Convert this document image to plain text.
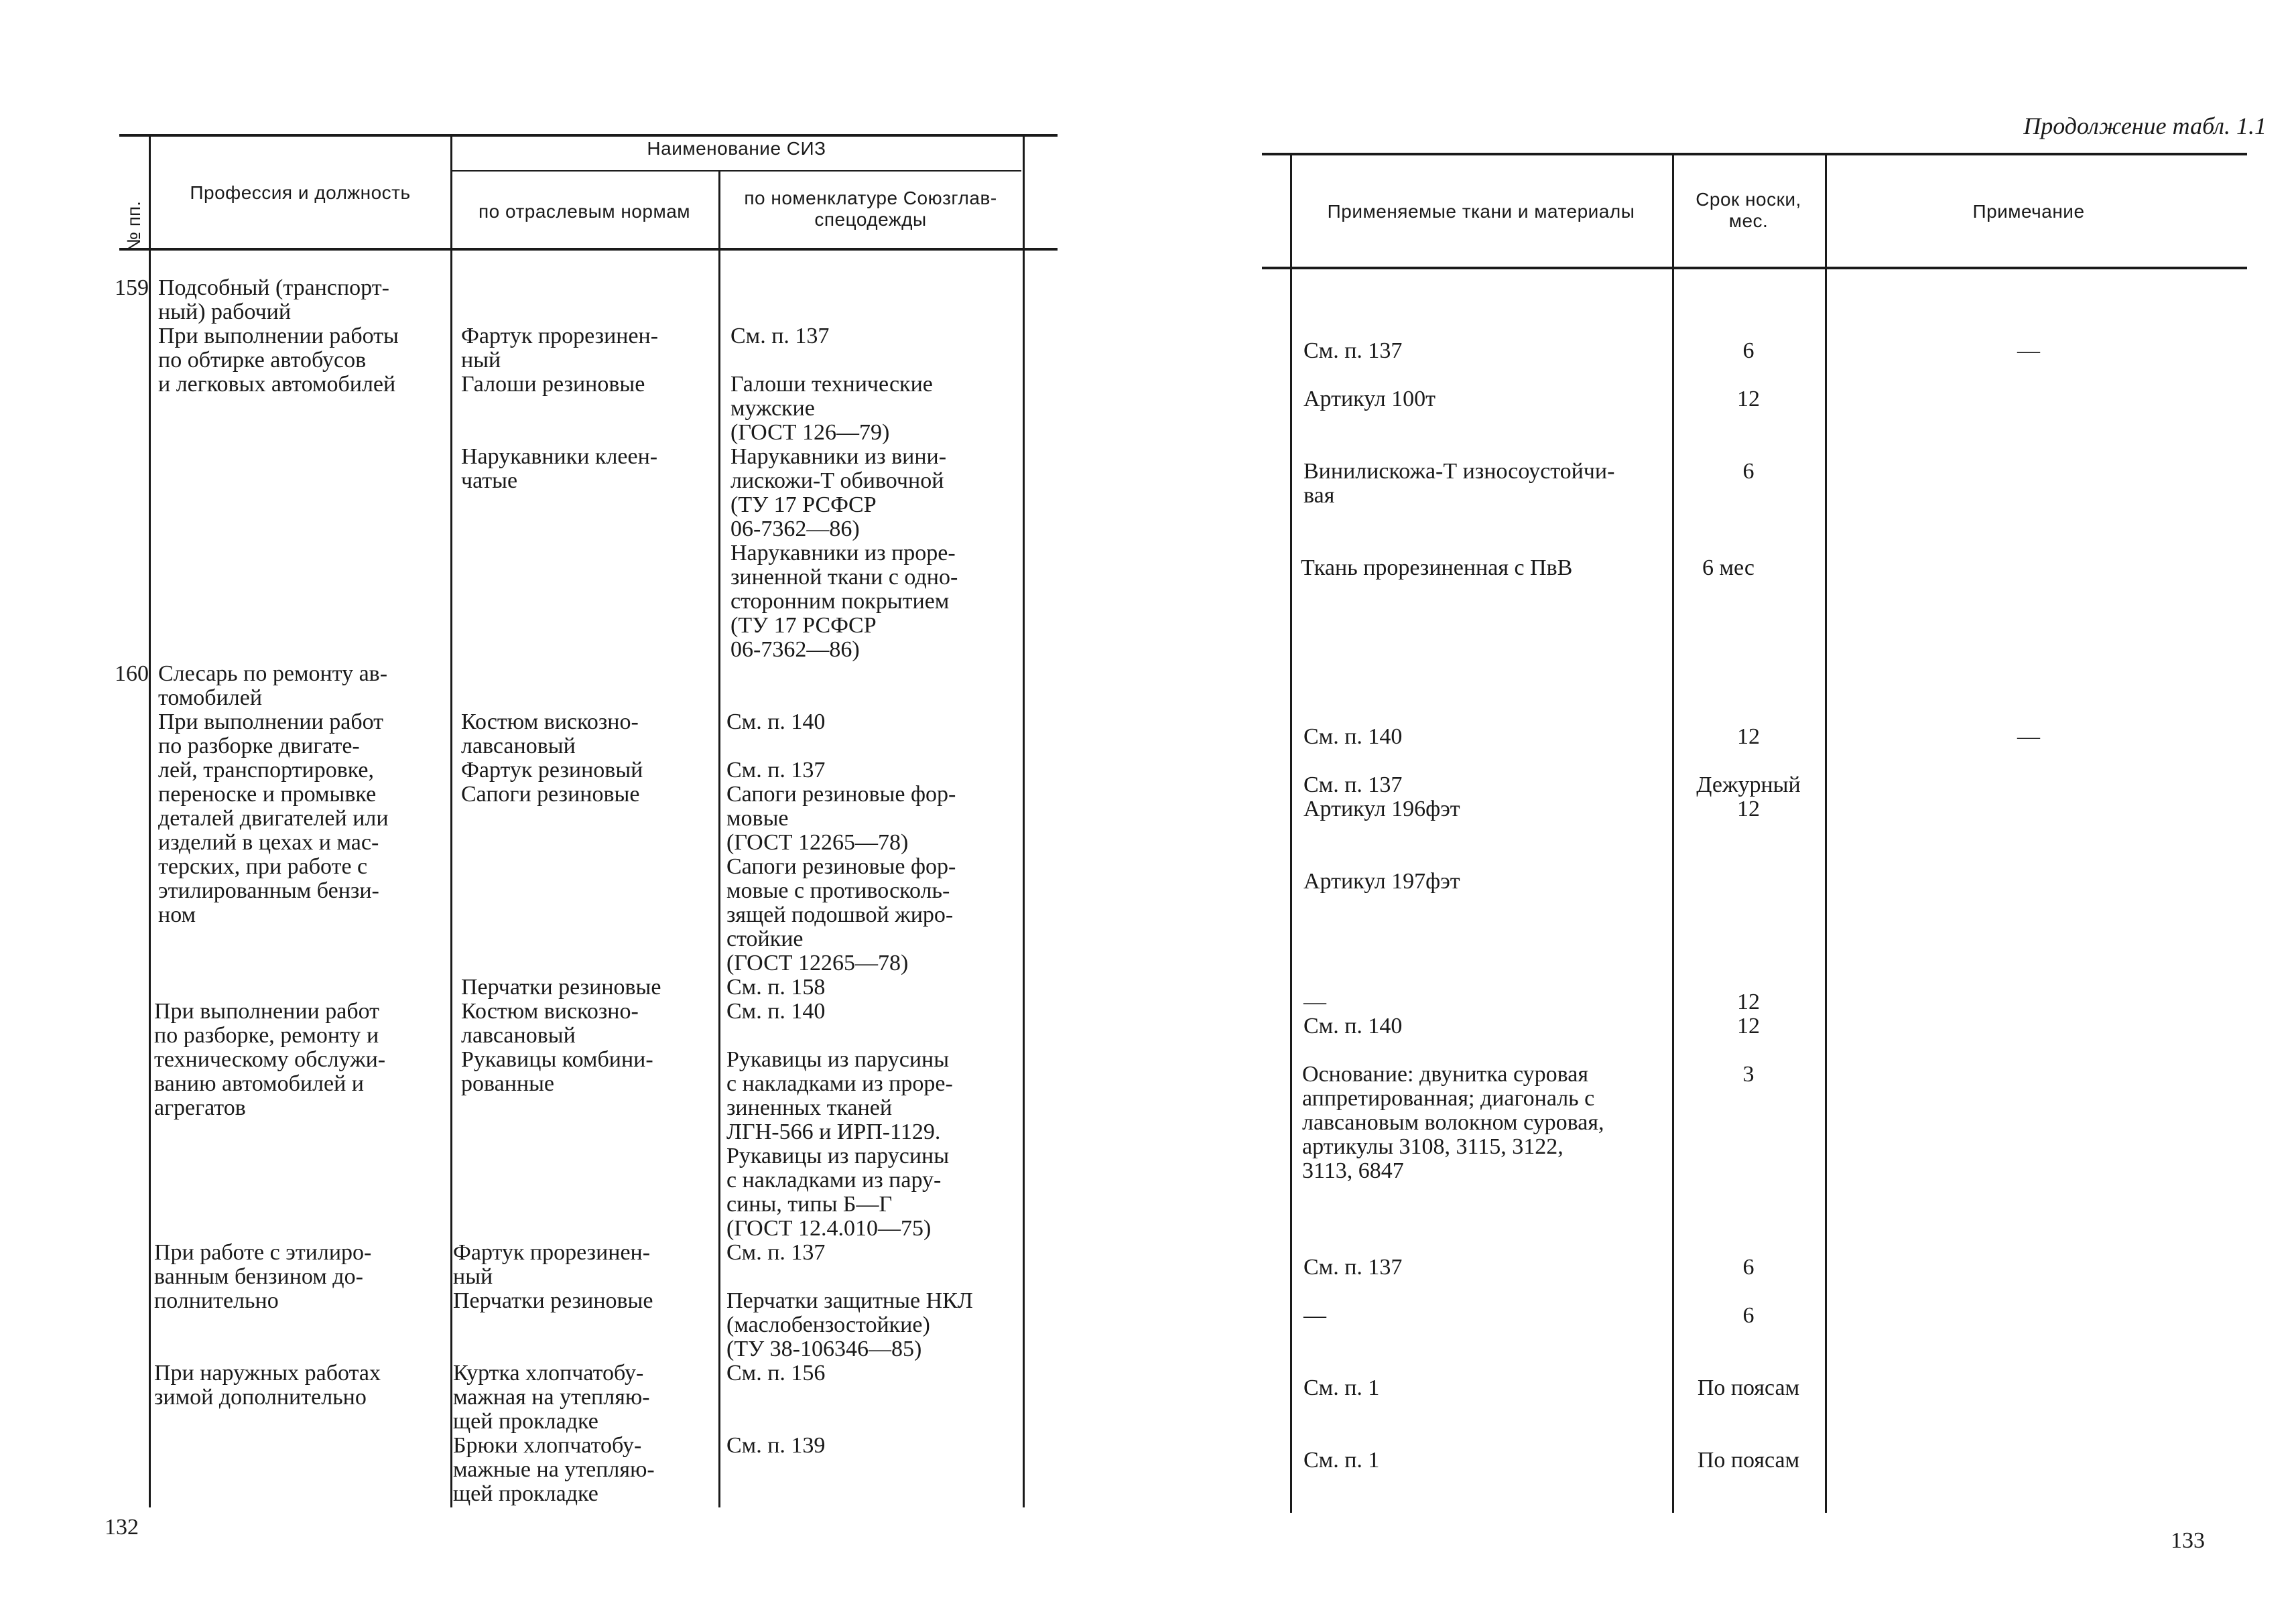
№ пп.
Профессия и должность
Наименование СИЗ
по отраслевым нормам
по номенклатуре Союзглав-
спецодежды
159
160
Подсобный (транспорт-
ный) рабочий
При выполнении работы
по обтирке автобусов
и легковых автомобилей
Слесарь по ремонту ав-
томобилей
При выполнении работ
по разборке двигате-
лей, транспортировке,
переноске и промывке
деталей двигателей или
изделий в цехах и мас-
терских, при работе с
этилированным бензи-
ном
При выполнении работ
по разборке, ремонту и
техническому обслужи-
ванию автомобилей и
агрегатов
При работе с этилиро-
ванным бензином до-
полнительно
При наружных работах
зимой дополнительно
Фартук прорезинен-
ный
Галоши резиновые
Нарукавники клеен-
чатые
Костюм вискозно-
лавсановый
Фартук резиновый
Сапоги резиновые
Перчатки резиновые
Костюм вискозно-
лавсановый
Рукавицы комбини-
рованные
Фартук прорезинен-
ный
Перчатки резиновые
Куртка хлопчатобу-
мажная на утепляю-
щей прокладке
Брюки хлопчатобу-
мажные на утепляю-
щей прокладке
См. п. 137
Галоши технические
мужские
(ГОСТ 126—79)
Нарукавники из вини-
лискожи-Т обивочной
(ТУ 17 РСФСР
06-7362—86)
Нарукавники из проре-
зиненной ткани с одно-
сторонним покрытием
(ТУ 17 РСФСР
06-7362—86)
См. п. 140
См. п. 137
Сапоги резиновые фор-
мовые
(ГОСТ 12265—78)
Сапоги резиновые фор-
мовые с противосколь-
зящей подошвой жиро-
стойкие
(ГОСТ 12265—78)
См. п. 158
См. п. 140
Рукавицы из парусины
с накладками из проре-
зиненных тканей
ЛГН-566 и ИРП-1129.
Рукавицы из парусины
с накладками из пару-
сины, типы Б—Г
(ГОСТ 12.4.010—75)
См. п. 137
Перчатки защитные НКЛ
(маслобензостойкие)
(ТУ 38-106346—85)
См. п. 156
См. п. 139
132
Продолжение табл. 1.1
Применяемые ткани и материалы
Срок носки,
мес.	Примечание
См. п. 137
Артикул 100т
Винилискожа-Т износоустойчи-
вая
Ткань прорезиненная с ПвВ
См. п. 140
См. п. 137
Артикул 196фэт
Артикул 197фэт
—
См. п. 140
Основание: двунитка суровая
аппретированная; диагональ с
лавсановым волокном суровая,
артикулы 3108, 3115, 3122,
3113, 6847
См. п. 137
—
См. п. 1
См. п. 1
6
12
6
6 мес
12
Дежурный
12
12
12
3
6
6
По поясам
По поясам
—
—
133
